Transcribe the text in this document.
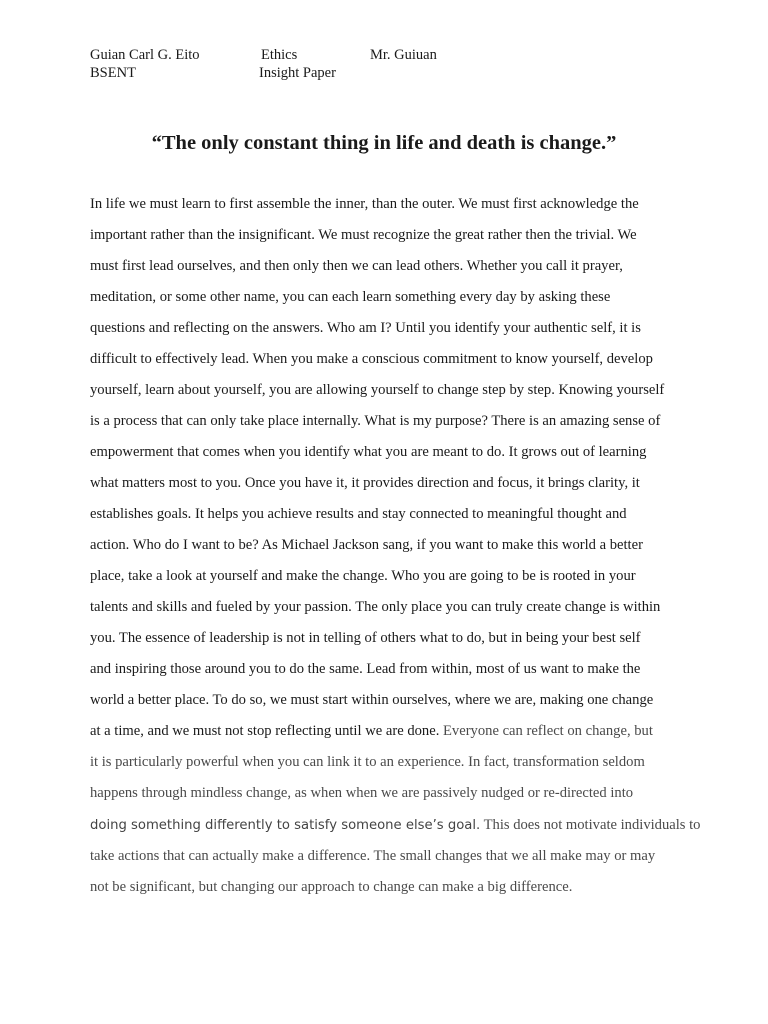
Guian Carl G. Eito
BSENT
Ethics
Insight Paper
Mr. Guiuan
“The only constant thing in life and death is change.”
In life we must learn to first assemble the inner, than the outer. We must first acknowledge the
important rather than the insignificant. We must recognize the great rather then the trivial. We
must first lead ourselves, and then only then we can lead others. Whether you call it prayer,
meditation, or some other name, you can each learn something every day by asking these
questions and reflecting on the answers. Who am I? Until you identify your authentic self, it is
difficult to effectively lead. When you make a conscious commitment to know yourself, develop
yourself, learn about yourself, you are allowing yourself to change step by step. Knowing yourself
is a process that can only take place internally. What is my purpose? There is an amazing sense of
empowerment that comes when you identify what you are meant to do. It grows out of learning
what matters most to you. Once you have it, it provides direction and focus, it brings clarity, it
establishes goals. It helps you achieve results and stay connected to meaningful thought and
action. Who do I want to be? As Michael Jackson sang, if you want to make this world a better
place, take a look at yourself and make the change. Who you are going to be is rooted in your
talents and skills and fueled by your passion. The only place you can truly create change is within
you. The essence of leadership is not in telling of others what to do, but in being your best self
and inspiring those around you to do the same. Lead from within, most of us want to make the
world a better place. To do so, we must start within ourselves, where we are, making one change
at a time, and we must not stop reflecting until we are done. Everyone can reflect on change, but
it is particularly powerful when you can link it to an experience. In fact, transformation seldom
happens through mindless change, as when when we are passively nudged or re-directed into
doing something differently to satisfy someone else’s goal. This does not motivate individuals to
take actions that can actually make a difference. The small changes that we all make may or may
not be significant, but changing our approach to change can make a big difference.
